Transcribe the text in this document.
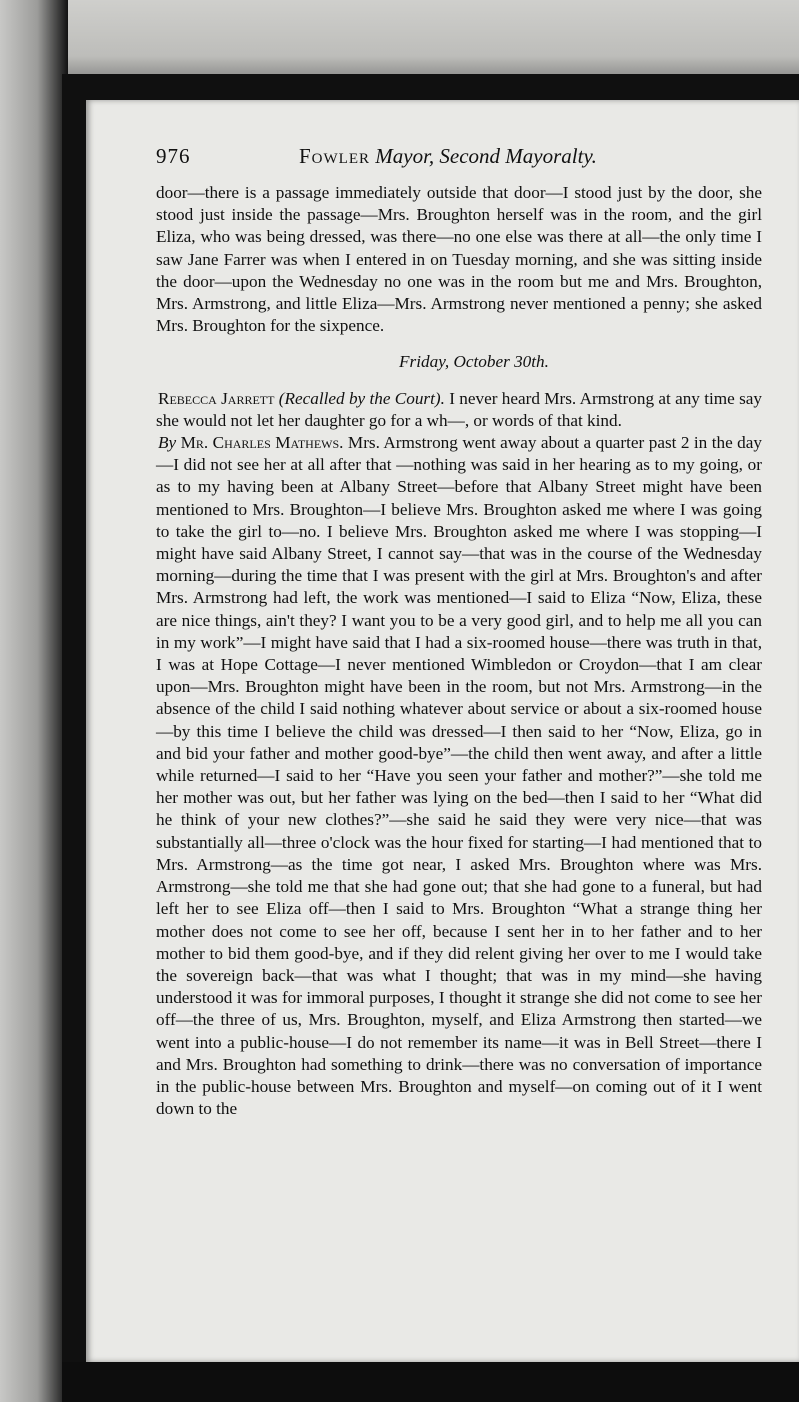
976	Fowler Mayor, Second Mayoralty.

door—there is a passage immediately outside that door—I stood just by the door, she stood just inside the passage—Mrs. Broughton herself was in the room, and the girl Eliza, who was being dressed, was there—no one else was there at all—the only time I saw Jane Farrer was when I entered in on Tuesday morning, and she was sitting inside the door—upon the Wednesday no one was in the room but me and Mrs. Broughton, Mrs. Armstrong, and little Eliza—Mrs. Armstrong never mentioned a penny; she asked Mrs. Broughton for the sixpence.

Friday, October 30th.

Rebecca Jarrett (Recalled by the Court). I never heard Mrs. Armstrong at any time say she would not let her daughter go for a wh—, or words of that kind.

By Mr. Charles Mathews. Mrs. Armstrong went away about a quarter past 2 in the day—I did not see her at all after that —nothing was said in her hearing as to my going, or as to my having been at Albany Street—before that Albany Street might have been mentioned to Mrs. Broughton—I believe Mrs. Broughton asked me where I was going to take the girl to—no. I believe Mrs. Broughton asked me where I was stopping—I might have said Albany Street, I cannot say—that was in the course of the Wednesday morning—during the time that I was present with the girl at Mrs. Broughton's and after Mrs. Armstrong had left, the work was mentioned—I said to Eliza “Now, Eliza, these are nice things, ain't they? I want you to be a very good girl, and to help me all you can in my work”—I might have said that I had a six-roomed house—there was truth in that, I was at Hope Cottage—I never mentioned Wimbledon or Croydon—that I am clear upon—Mrs. Broughton might have been in the room, but not Mrs. Armstrong—in the absence of the child I said nothing whatever about service or about a six-roomed house—by this time I believe the child was dressed—I then said to her “Now, Eliza, go in and bid your father and mother good-bye”—the child then went away, and after a little while returned—I said to her “Have you seen your father and mother?”—she told me her mother was out, but her father was lying on the bed—then I said to her “What did he think of your new clothes?”—she said he said they were very nice—that was substantially all—three o'clock was the hour fixed for starting—I had mentioned that to Mrs. Armstrong—as the time got near, I asked Mrs. Broughton where was Mrs. Armstrong—she told me that she had gone out; that she had gone to a funeral, but had left her to see Eliza off—then I said to Mrs. Broughton “What a strange thing her mother does not come to see her off, because I sent her in to her father and to her mother to bid them good-bye, and if they did relent giving her over to me I would take the sovereign back—that was what I thought; that was in my mind—she having understood it was for immoral purposes, I thought it strange she did not come to see her off—the three of us, Mrs. Broughton, myself, and Eliza Armstrong then started—we went into a public-house—I do not remember its name—it was in Bell Street—there I and Mrs. Broughton had something to drink—there was no conversation of importance in the public-house between Mrs. Broughton and myself—on coming out of it I went down to the
